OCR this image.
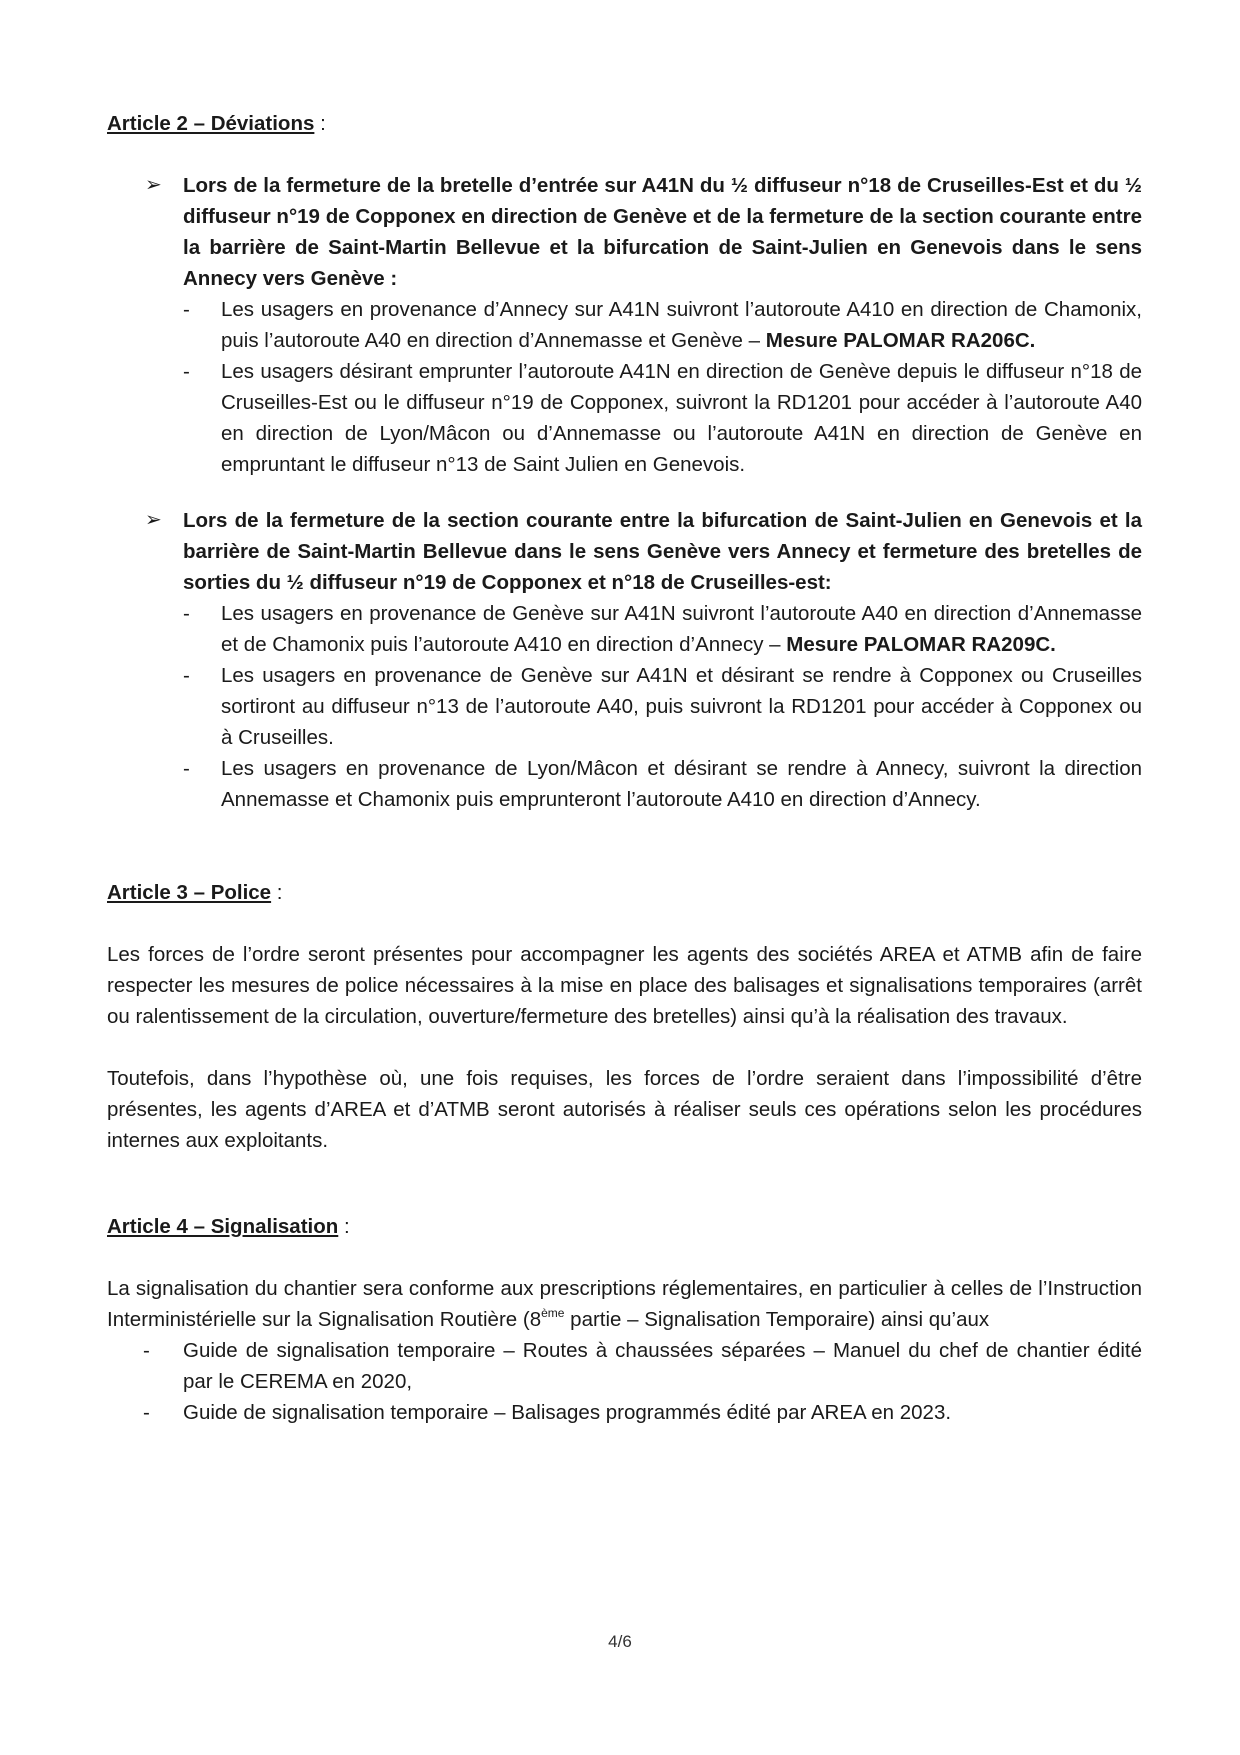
Article 2 – Déviations :
➢ Lors de la fermeture de la bretelle d’entrée sur A41N du ½ diffuseur n°18 de Cruseilles-Est et du ½ diffuseur n°19 de Copponex en direction de Genève et de la fermeture de la section courante entre la barrière de Saint-Martin Bellevue et la bifurcation de Saint-Julien en Genevois dans le sens Annecy vers Genève :

- Les usagers en provenance d’Annecy sur A41N suivront l’autoroute A410 en direction de Chamonix, puis l’autoroute A40 en direction d’Annemasse et Genève – Mesure PALOMAR RA206C.
- Les usagers désirant emprunter l’autoroute A41N en direction de Genève depuis le diffuseur n°18 de Cruseilles-Est ou le diffuseur n°19 de Copponex, suivront la RD1201 pour accéder à l’autoroute A40 en direction de Lyon/Mâcon ou d’Annemasse ou l’autoroute A41N en direction de Genève en empruntant le diffuseur n°13 de Saint Julien en Genevois.
➢ Lors de la fermeture de la section courante entre la bifurcation de Saint-Julien en Genevois et la barrière de Saint-Martin Bellevue dans le sens Genève vers Annecy et fermeture des bretelles de sorties du ½ diffuseur n°19 de Copponex et n°18 de Cruseilles-est:

- Les usagers en provenance de Genève sur A41N suivront l’autoroute A40 en direction d’Annemasse et de Chamonix puis l’autoroute A410 en direction d’Annecy – Mesure PALOMAR RA209C.
- Les usagers en provenance de Genève sur A41N et désirant se rendre à Copponex ou Cruseilles sortiront au diffuseur n°13 de l’autoroute A40, puis suivront la RD1201 pour accéder à Copponex ou à Cruseilles.
- Les usagers en provenance de Lyon/Mâcon et désirant se rendre à Annecy, suivront la direction Annemasse et Chamonix puis emprunteront l’autoroute A410 en direction d’Annecy.
Article 3 – Police :

Les forces de l’ordre seront présentes pour accompagner les agents des sociétés AREA et ATMB afin de faire respecter les mesures de police nécessaires à la mise en place des balisages et signalisations temporaires (arrêt ou ralentissement de la circulation, ouverture/fermeture des bretelles) ainsi qu’à la réalisation des travaux.

Toutefois, dans l’hypothèse où, une fois requises, les forces de l’ordre seraient dans l’impossibilité d’être présentes, les agents d’AREA et d’ATMB seront autorisés à réaliser seuls ces opérations selon les procédures internes aux exploitants.

Article 4 – Signalisation :

La signalisation du chantier sera conforme aux prescriptions réglementaires, en particulier à celles de l’Instruction Interministérielle sur la Signalisation Routière (8ème partie – Signalisation Temporaire) ainsi qu’aux

- Guide de signalisation temporaire – Routes à chaussées séparées – Manuel du chef de chantier édité par le CEREMA en 2020,
- Guide de signalisation temporaire – Balisages programmés édité par AREA en 2023.
4/6
